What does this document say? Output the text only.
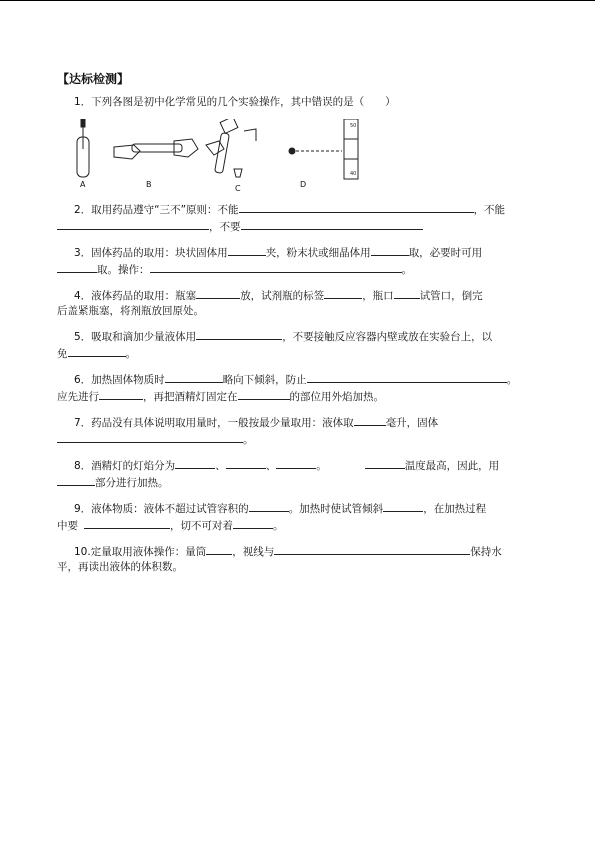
【达标检测】
1．下列各图是初中化学常见的几个实验操作，其中错误的是（　　）
50
40
A	B	C	D
2．取用药品遵守“三不”原则：不能	，不能
，不要
3．固体药品的取用：块状固体用	夹，粉末状或细晶体用	取，必要时可用
取。操作：	。
4．液体药品的取用：瓶塞	放，试剂瓶的标签	，瓶口 试管口，倒完
后盖紧瓶塞，将剂瓶放回原处。
5．吸取和滴加少量液体用	，不要接触反应容器内壁或放在实验台上，以
免	。
6．加热固体物质时	略向下倾斜，防止	。
应先进行	，再把酒精灯固定在	的部位用外焰加热。
7．药品没有具体说明取用量时，一般按最少量取用：液体取	毫升，固体
。
8．酒精灯的灯焰分为	、	、	。	温度最高，因此，用
部分进行加热。
9．液体物质：液体不超过试管容积的	。加热时使试管倾斜	，在加热过程
中要	，切不可对着	。
10.定量取用液体操作：量筒 ，视线与	保持水
平，再读出液体的体积数。
